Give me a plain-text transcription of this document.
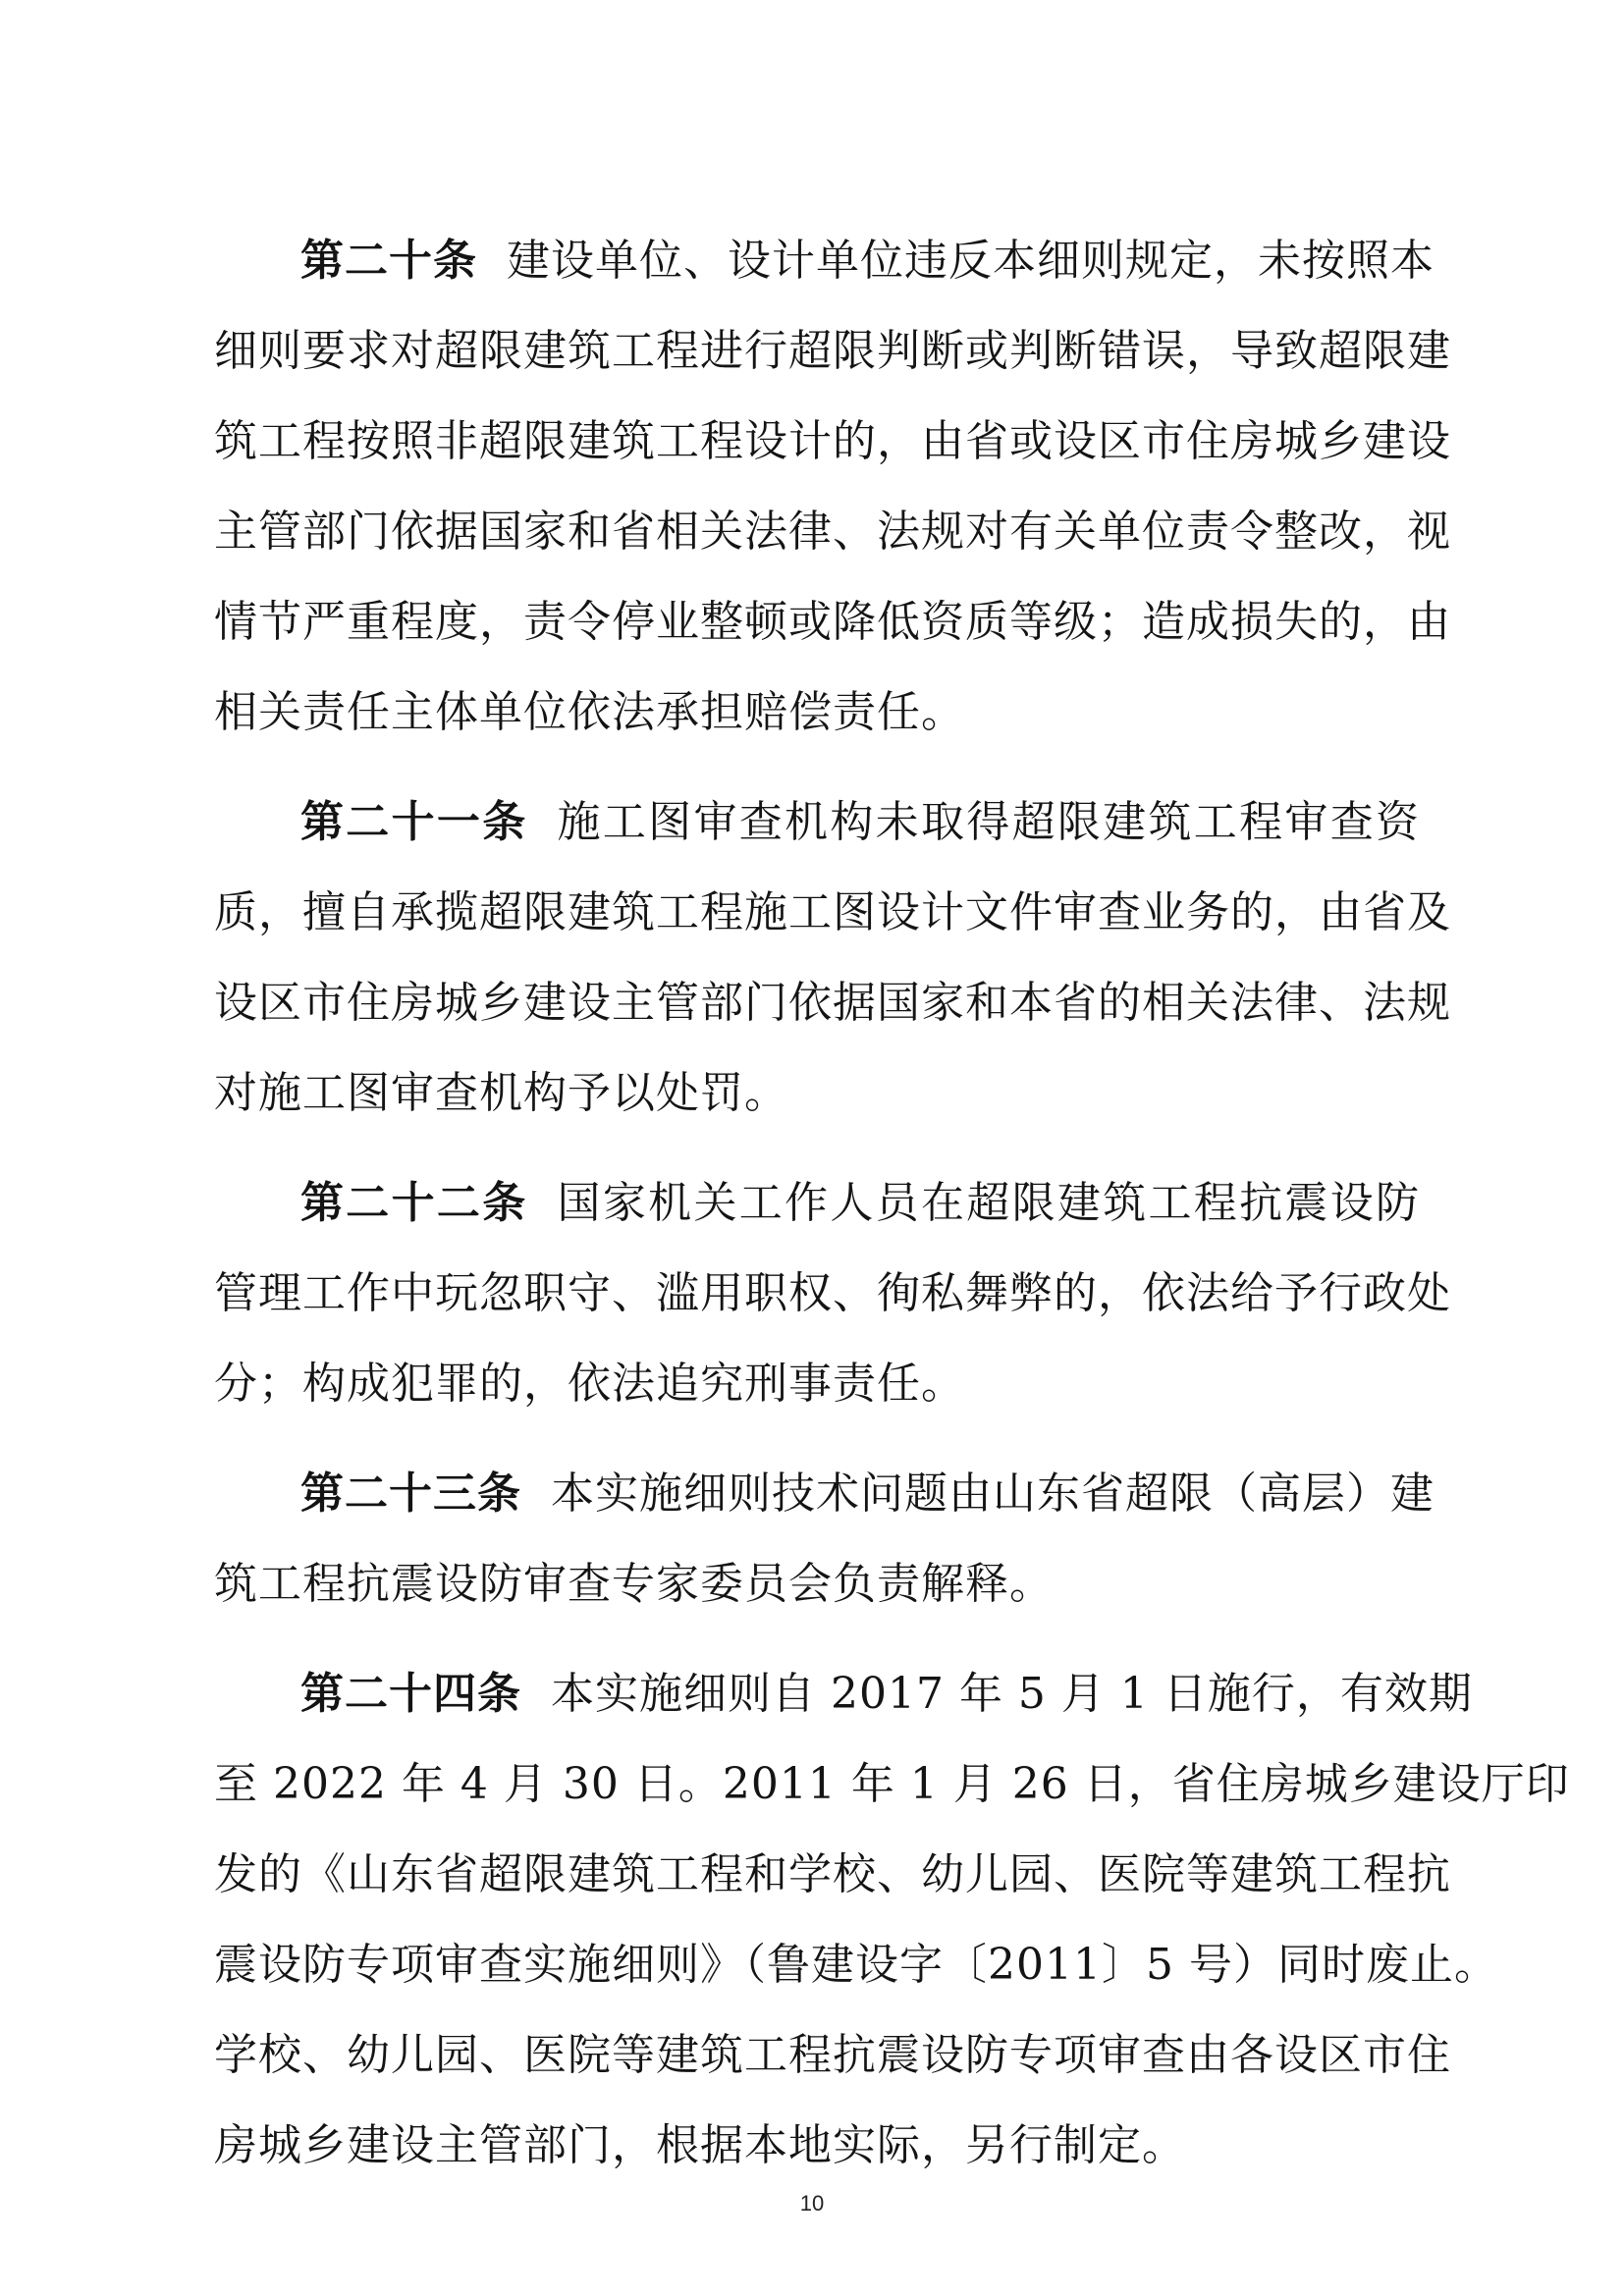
第二十条 建设单位、设计单位违反本细则规定，未按照本
细则要求对超限建筑工程进行超限判断或判断错误，导致超限建
筑工程按照非超限建筑工程设计的，由省或设区市住房城乡建设
主管部门依据国家和省相关法律、法规对有关单位责令整改，视
情节严重程度，责令停业整顿或降低资质等级；造成损失的，由
相关责任主体单位依法承担赔偿责任。
第二十一条 施工图审查机构未取得超限建筑工程审查资
质，擅自承揽超限建筑工程施工图设计文件审查业务的，由省及
设区市住房城乡建设主管部门依据国家和本省的相关法律、法规
对施工图审查机构予以处罚。
第二十二条 国家机关工作人员在超限建筑工程抗震设防
管理工作中玩忽职守、滥用职权、徇私舞弊的，依法给予行政处
分；构成犯罪的，依法追究刑事责任。
第二十三条 本实施细则技术问题由山东省超限（高层）建
筑工程抗震设防审查专家委员会负责解释。
第二十四条 本实施细则自 2017 年 5 月 1 日施行，有效期
至 2022 年 4 月 30 日。2011 年 1 月 26 日，省住房城乡建设厅印
发的《山东省超限建筑工程和学校、幼儿园、医院等建筑工程抗
震设防专项审查实施细则》（鲁建设字〔2011〕5 号）同时废止。
学校、幼儿园、医院等建筑工程抗震设防专项审查由各设区市住
房城乡建设主管部门，根据本地实际，另行制定。
10
